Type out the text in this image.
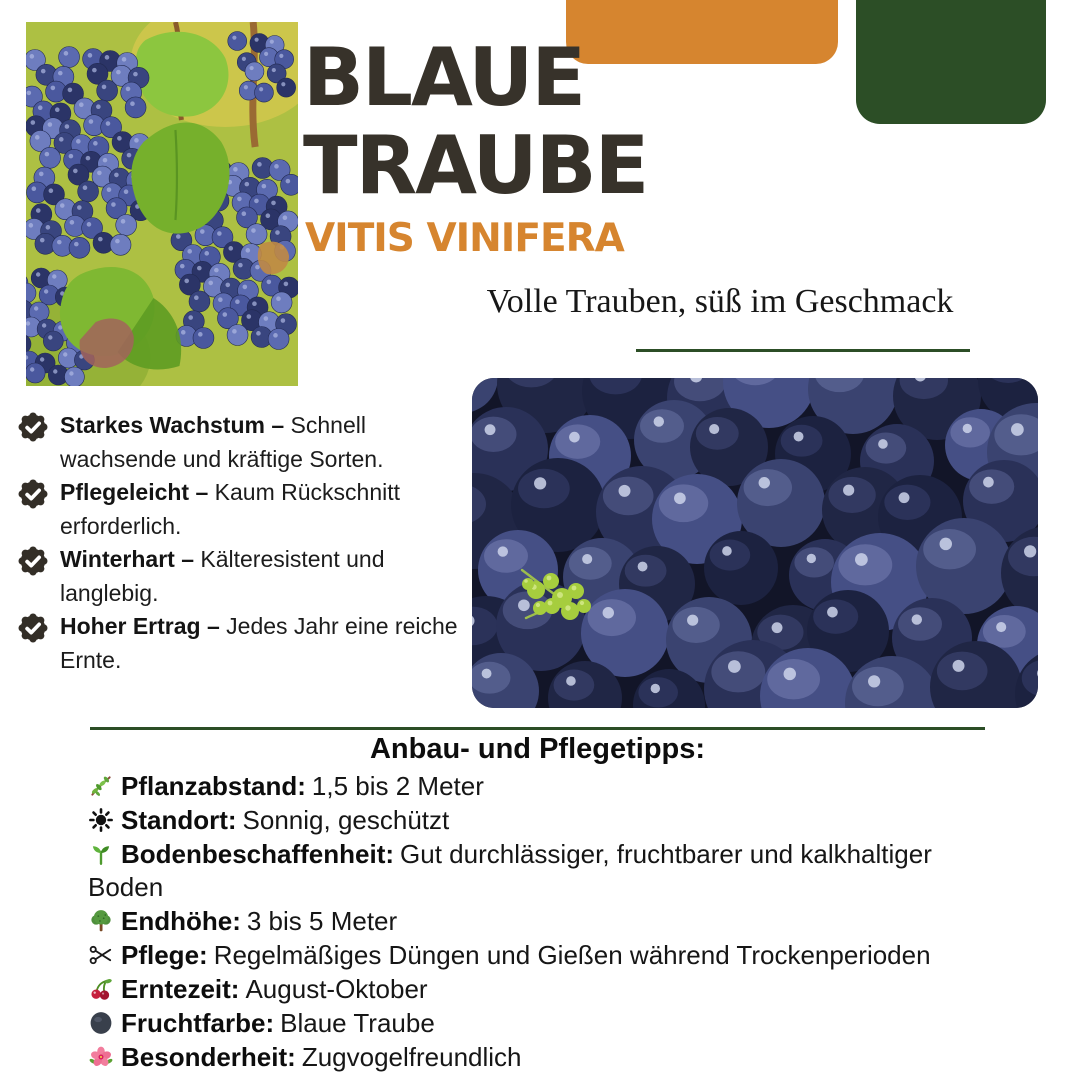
BLAUE
TRAUBE
VITIS VINIFERA
Volle Trauben, süß im Geschmack
Starkes Wachstum – Schnell wachsende und kräftige Sorten.
Pflegeleicht – Kaum Rückschnitt erforderlich.
Winterhart – Kälteresistent und langlebig.
Hoher Ertrag – Jedes Jahr eine reiche Ernte.
Anbau- und Pflegetipps:
Pflanzabstand: 1,5 bis 2 Meter
Standort: Sonnig, geschützt
Bodenbeschaffenheit: Gut durchlässiger, fruchtbarer und kalkhaltiger Boden
Endhöhe: 3 bis 5 Meter
Pflege: Regelmäßiges Düngen und Gießen während Trockenperioden
Erntezeit: August-Oktober
Fruchtfarbe: Blaue Traube
Besonderheit: Zugvogelfreundlich
